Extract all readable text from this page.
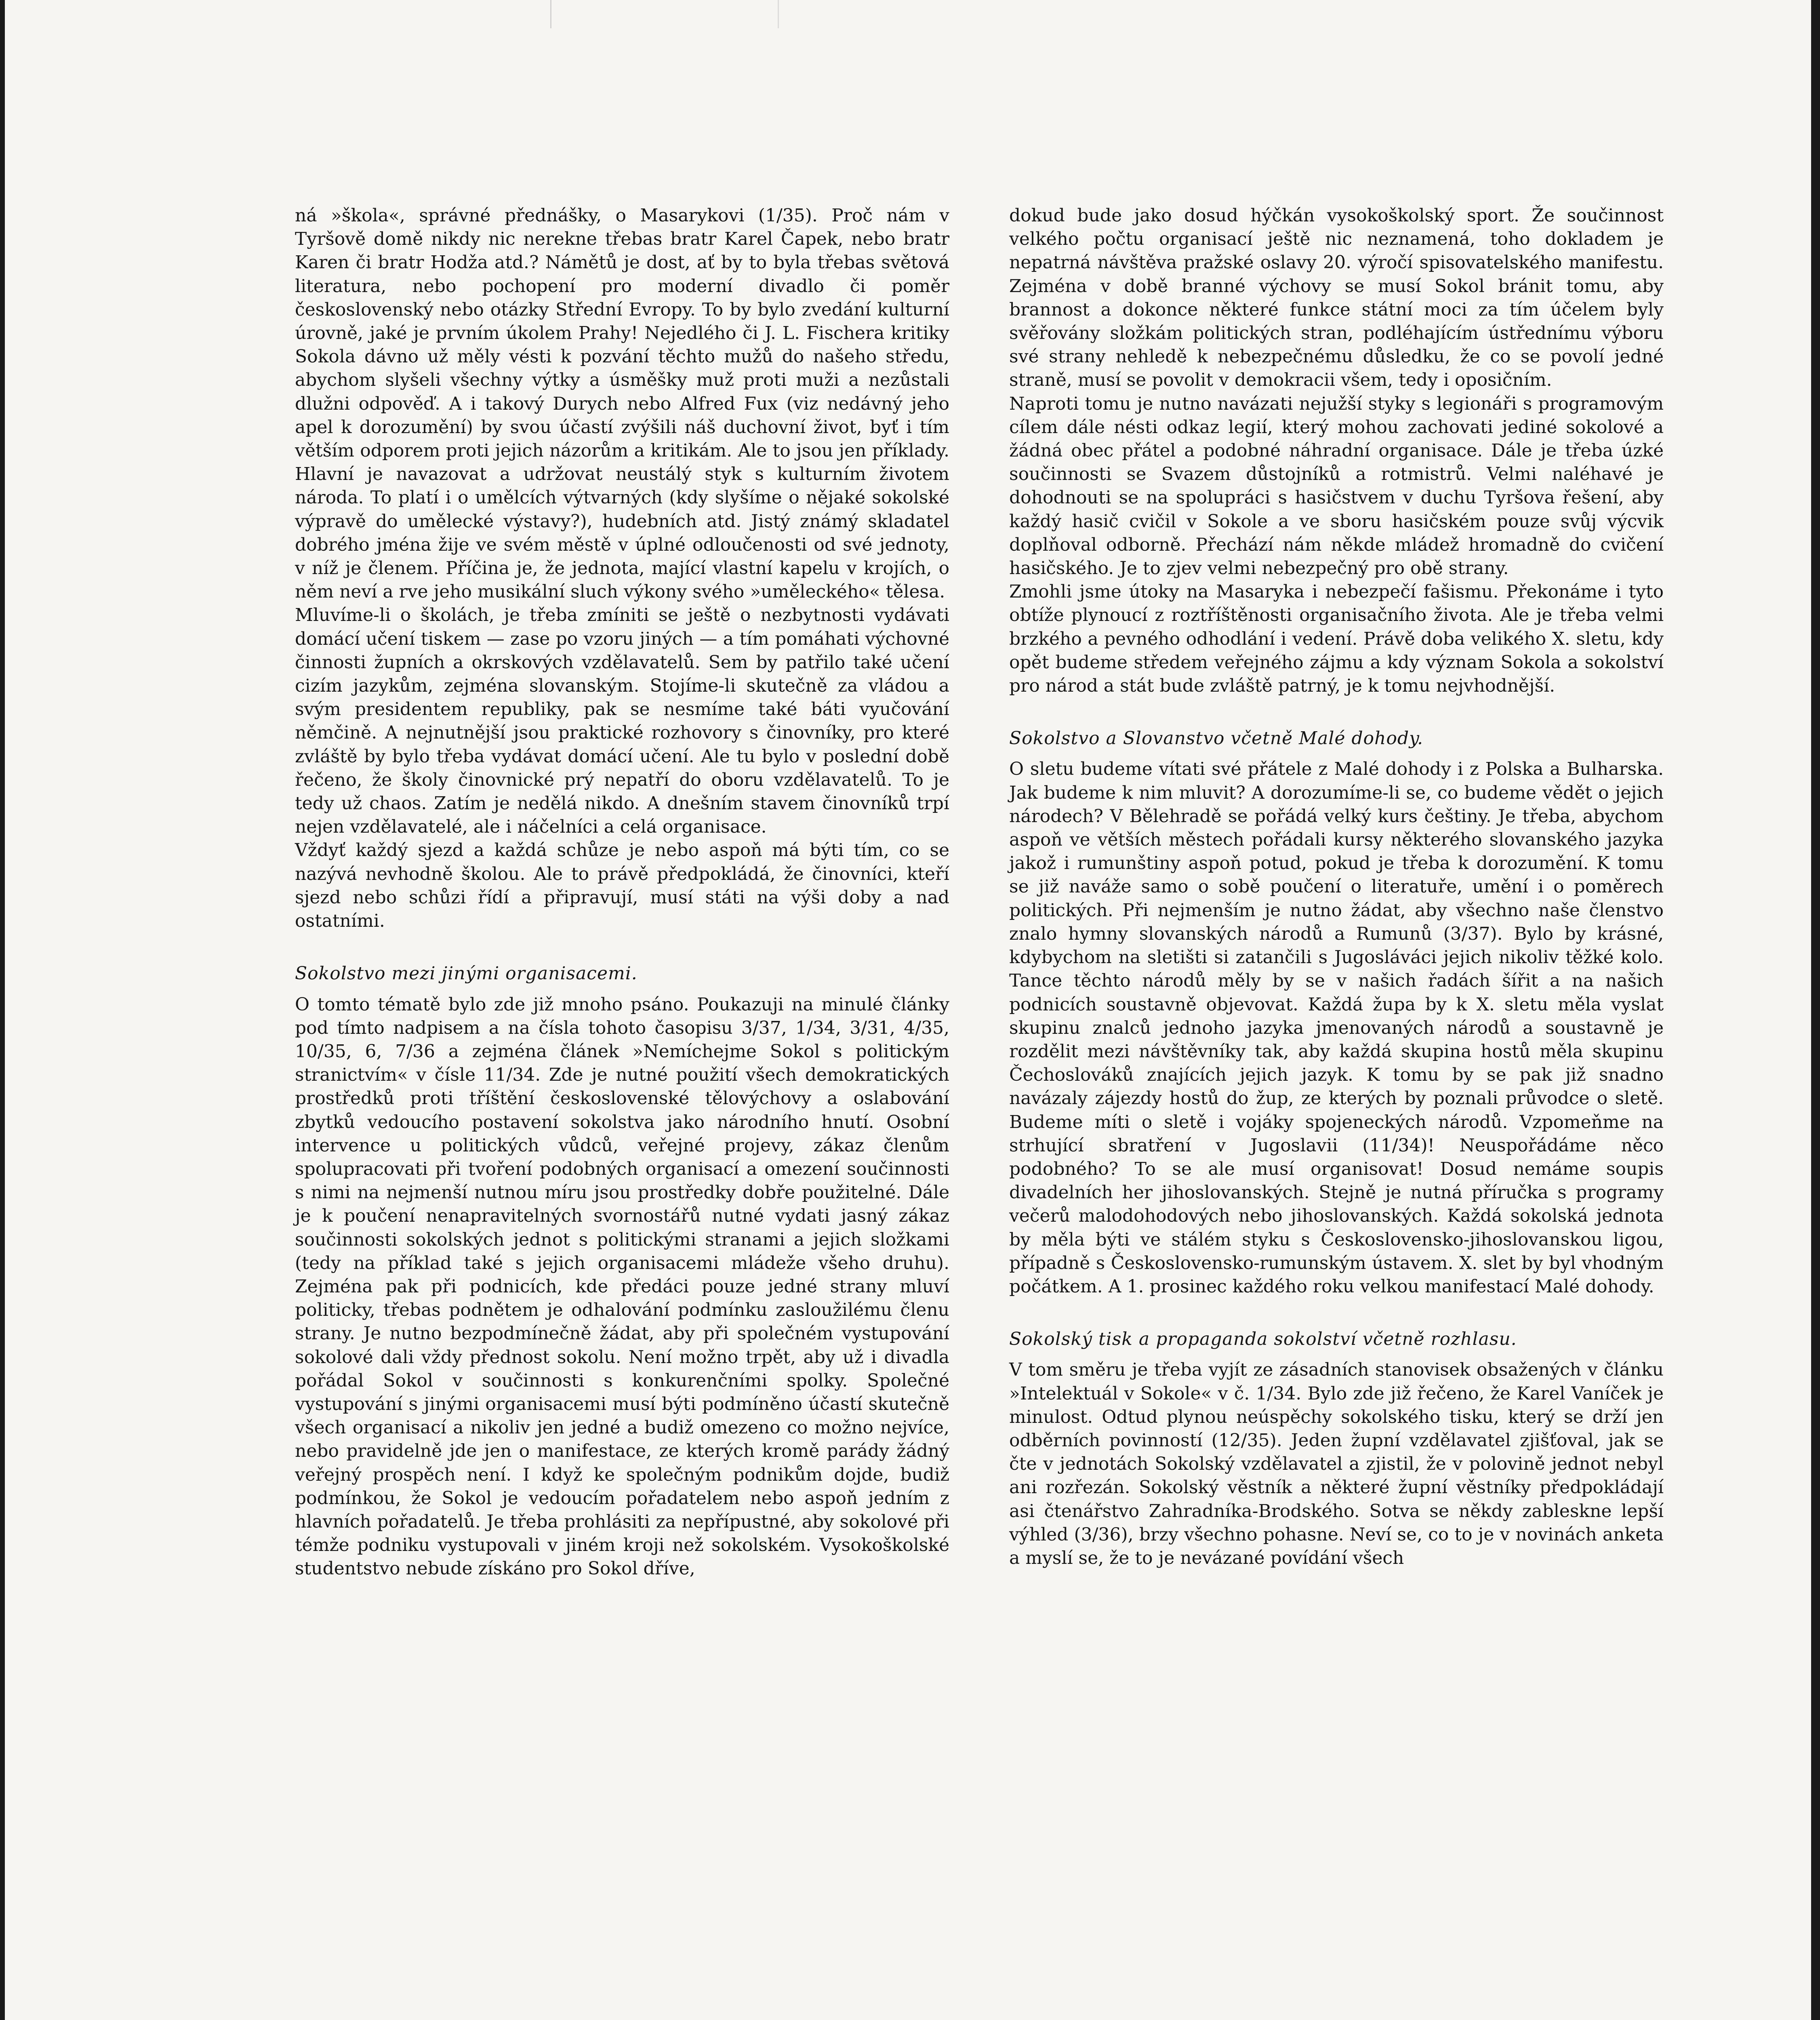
ná »škola«, správné přednášky, o Masarykovi (1/35). Proč nám v Tyršově domě nikdy nic nerekne třebas bratr Karel Čapek, nebo bratr Karen či bratr Hodža atd.? Námětů je dost, ať by to byla třebas světová literatura, nebo pochopení pro moderní divadlo či poměr československý nebo otázky Střední Evropy. To by bylo zvedání kulturní úrovně, jaké je prvním úkolem Prahy! Nejedlého či J. L. Fischera kritiky Sokola dávno už měly vésti k pozvání těchto mužů do našeho středu, abychom slyšeli všechny výtky a úsměšky muž proti muži a nezůstali dlužni odpověď. A i takový Durych nebo Alfred Fux (viz nedávný jeho apel k dorozumění) by svou účastí zvýšili náš duchovní život, byť i tím větším odporem proti jejich názorům a kritikám. Ale to jsou jen příklady. Hlavní je navazovat a udržovat neustálý styk s kulturním životem národa. To platí i o umělcích výtvarných (kdy slyšíme o nějaké sokolské výpravě do umělecké výstavy?), hudebních atd. Jistý známý skladatel dobrého jména žije ve svém městě v úplné odloučenosti od své jednoty, v níž je členem. Příčina je, že jednota, mající vlastní kapelu v krojích, o něm neví a rve jeho musikální sluch výkony svého »uměleckého« tělesa.

Mluvíme-li o školách, je třeba zmíniti se ještě o nezbytnosti vydávati domácí učení tiskem — zase po vzoru jiných — a tím pomáhati výchovné činnosti župních a okrskových vzdělavatelů. Sem by patřilo také učení cizím jazykům, zejména slovanským. Stojíme-li skutečně za vládou a svým presidentem republiky, pak se nesmíme také báti vyučování němčině. A nejnutnější jsou praktické rozhovory s činovníky, pro které zvláště by bylo třeba vydávat domácí učení. Ale tu bylo v poslední době řečeno, že školy činovnické prý nepatří do oboru vzdělavatelů. To je tedy už chaos. Zatím je nedělá nikdo. A dnešním stavem činovníků trpí nejen vzdělavatelé, ale i náčelníci a celá organisace.

Vždyť každý sjezd a každá schůze je nebo aspoň má býti tím, co se nazývá nevhodně školou. Ale to právě předpokládá, že činovníci, kteří sjezd nebo schůzi řídí a připravují, musí státi na výši doby a nad ostatními.

Sokolstvo mezi jinými organisacemi.

O tomto tématě bylo zde již mnoho psáno. Poukazuji na minulé články pod tímto nadpisem a na čísla tohoto časopisu 3/37, 1/34, 3/31, 4/35, 10/35, 6, 7/36 a zejména článek »Nemíchejme Sokol s politickým stranictvím« v čísle 11/34. Zde je nutné použití všech demokratických prostředků proti tříštění československé tělovýchovy a oslabování zbytků vedoucího postavení sokolstva jako národního hnutí. Osobní intervence u politických vůdců, veřejné projevy, zákaz členům spolupracovati při tvoření podobných organisací a omezení součinnosti s nimi na nejmenší nutnou míru jsou prostředky dobře použitelné. Dále je k poučení nenapravitelných svornostářů nutné vydati jasný zákaz součinnosti sokolských jednot s politickými stranami a jejich složkami (tedy na příklad také s jejich organisacemi mládeže všeho druhu). Zejména pak při podnicích, kde předáci pouze jedné strany mluví politicky, třebas podnětem je odhalování podmínku zasloužilému členu strany. Je nutno bezpodmínečně žádat, aby při společném vystupování sokolové dali vždy přednost sokolu. Není možno trpět, aby už i divadla pořádal Sokol v součinnosti s konkurenčními spolky. Společné vystupování s jinými organisacemi musí býti podmíněno účastí skutečně všech organisací a nikoliv jen jedné a budiž omezeno co možno nejvíce, nebo pravidelně jde jen o manifestace, ze kterých kromě parády žádný veřejný prospěch není. I když ke společným podnikům dojde, budiž podmínkou, že Sokol je vedoucím pořadatelem nebo aspoň jedním z hlavních pořadatelů. Je třeba prohlásiti za nepřípustné, aby sokolové při témže podniku vystupovali v jiném kroji než sokolském. Vysokoškolské studentstvo nebude získáno pro Sokol dříve,

dokud bude jako dosud hýčkán vysokoškolský sport. Že součinnost velkého počtu organisací ještě nic neznamená, toho dokladem je nepatrná návštěva pražské oslavy 20. výročí spisovatelského manifestu. Zejména v době branné výchovy se musí Sokol bránit tomu, aby brannost a dokonce některé funkce státní moci za tím účelem byly svěřovány složkám politických stran, podléhajícím ústřednímu výboru své strany nehledě k nebezpečnému důsledku, že co se povolí jedné straně, musí se povolit v demokracii všem, tedy i oposičním.

Naproti tomu je nutno navázati nejužší styky s legionáři s programovým cílem dále nésti odkaz legií, který mohou zachovati jediné sokolové a žádná obec přátel a podobné náhradní organisace. Dále je třeba úzké součinnosti se Svazem důstojníků a rotmistrů. Velmi naléhavé je dohodnouti se na spolupráci s hasičstvem v duchu Tyršova řešení, aby každý hasič cvičil v Sokole a ve sboru hasičském pouze svůj výcvik doplňoval odborně. Přechází nám někde mládež hromadně do cvičení hasičského. Je to zjev velmi nebezpečný pro obě strany.

Zmohli jsme útoky na Masaryka i nebezpečí fašismu. Překonáme i tyto obtíže plynoucí z roztříštěnosti organisačního života. Ale je třeba velmi brzkého a pevného odhodlání i vedení. Právě doba velikého X. sletu, kdy opět budeme středem veřejného zájmu a kdy význam Sokola a sokolství pro národ a stát bude zvláště patrný, je k tomu nejvhodnější.

Sokolstvo a Slovanstvo včetně Malé dohody.

O sletu budeme vítati své přátele z Malé dohody i z Polska a Bulharska. Jak budeme k nim mluvit? A dorozumíme-li se, co budeme vědět o jejich národech? V Bělehradě se pořádá velký kurs češtiny. Je třeba, abychom aspoň ve větších městech pořádali kursy některého slovanského jazyka jakož i rumunštiny aspoň potud, pokud je třeba k dorozumění. K tomu se již naváže samo o sobě poučení o literatuře, umění i o poměrech politických. Při nejmenším je nutno žádat, aby všechno naše členstvo znalo hymny slovanských národů a Rumunů (3/37). Bylo by krásné, kdybychom na sletišti si zatančili s Jugosláváci jejich nikoliv těžké kolo. Tance těchto národů měly by se v našich řadách šířit a na našich podnicích soustavně objevovat. Každá župa by k X. sletu měla vyslat skupinu znalců jednoho jazyka jmenovaných národů a soustavně je rozdělit mezi návštěvníky tak, aby každá skupina hostů měla skupinu Čechoslováků znajících jejich jazyk. K tomu by se pak již snadno navázaly zájezdy hostů do žup, ze kterých by poznali průvodce o sletě. Budeme míti o sletě i vojáky spojeneckých národů. Vzpomeňme na strhující sbratření v Jugoslavii (11/34)! Neuspořádáme něco podobného? To se ale musí organisovat! Dosud nemáme soupis divadelních her jihoslovanských. Stejně je nutná příručka s programy večerů malodohodových nebo jihoslovanských. Každá sokolská jednota by měla býti ve stálém styku s Československo-jihoslovanskou ligou, případně s Československo-rumunským ústavem. X. slet by byl vhodným počátkem. A 1. prosinec každého roku velkou manifestací Malé dohody.

Sokolský tisk a propaganda sokolství včetně rozhlasu.

V tom směru je třeba vyjít ze zásadních stanovisek obsažených v článku »Intelektuál v Sokole« v č. 1/34. Bylo zde již řečeno, že Karel Vaníček je minulost. Odtud plynou neúspěchy sokolského tisku, který se drží jen odběrních povinností (12/35). Jeden župní vzdělavatel zjišťoval, jak se čte v jednotách Sokolský vzdělavatel a zjistil, že v polovině jednot nebyl ani rozřezán. Sokolský věstník a některé župní věstníky předpokládají asi čtenářstvo Zahradníka-Brodského. Sotva se někdy zableskne lepší výhled (3/36), brzy všechno pohasne. Neví se, co to je v novinách anketa a myslí se, že to je nevázané povídání všech
